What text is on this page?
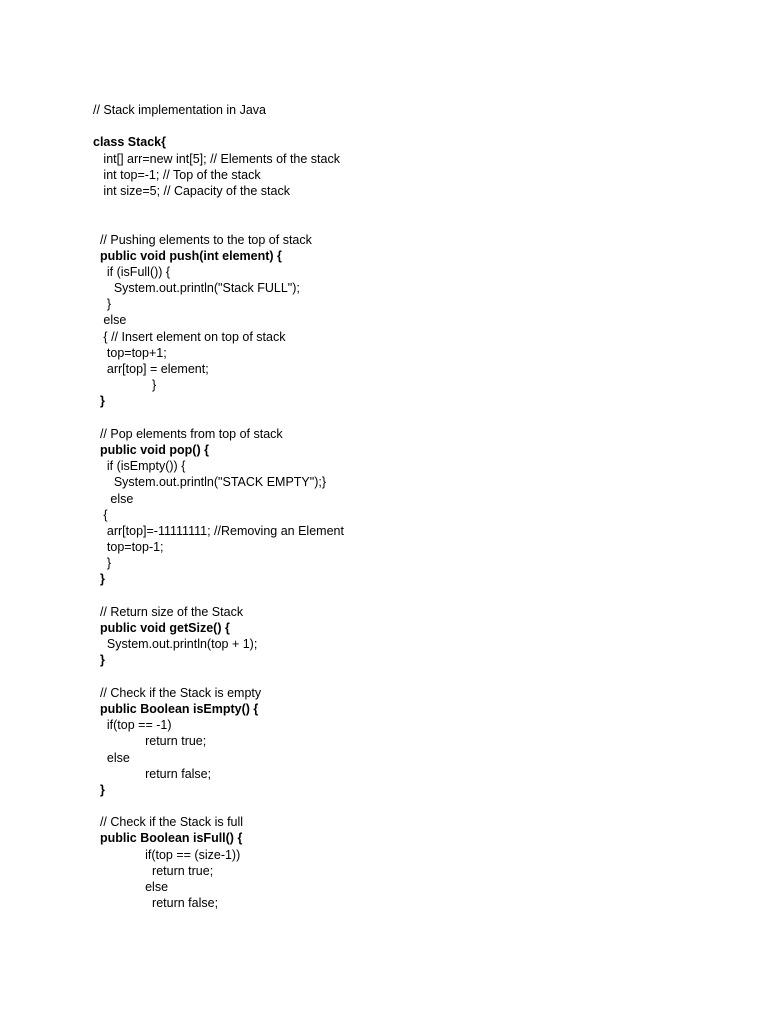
// Stack implementation in Java
class Stack{
int[] arr=new int[5]; // Elements of the stack
int top=-1; // Top of the stack
int size=5; // Capacity of the stack
// Pushing elements to the top of stack
public void push(int element) {
if (isFull()) {
System.out.println("Stack FULL");
}
else
{ // Insert element on top of stack
top=top+1;
arr[top] = element;
}
}
// Pop elements from top of stack
public void pop() {
if (isEmpty()) {
System.out.println("STACK EMPTY");}
else
{
arr[top]=-11111111; //Removing an Element
top=top-1;
}
}
// Return size of the Stack
public void getSize() {
System.out.println(top + 1);
}
// Check if the Stack is empty
public Boolean isEmpty() {
if(top == -1)
return true;
else
return false;
}
// Check if the Stack is full
public Boolean isFull() {
if(top == (size-1))
return true;
else
return false;
